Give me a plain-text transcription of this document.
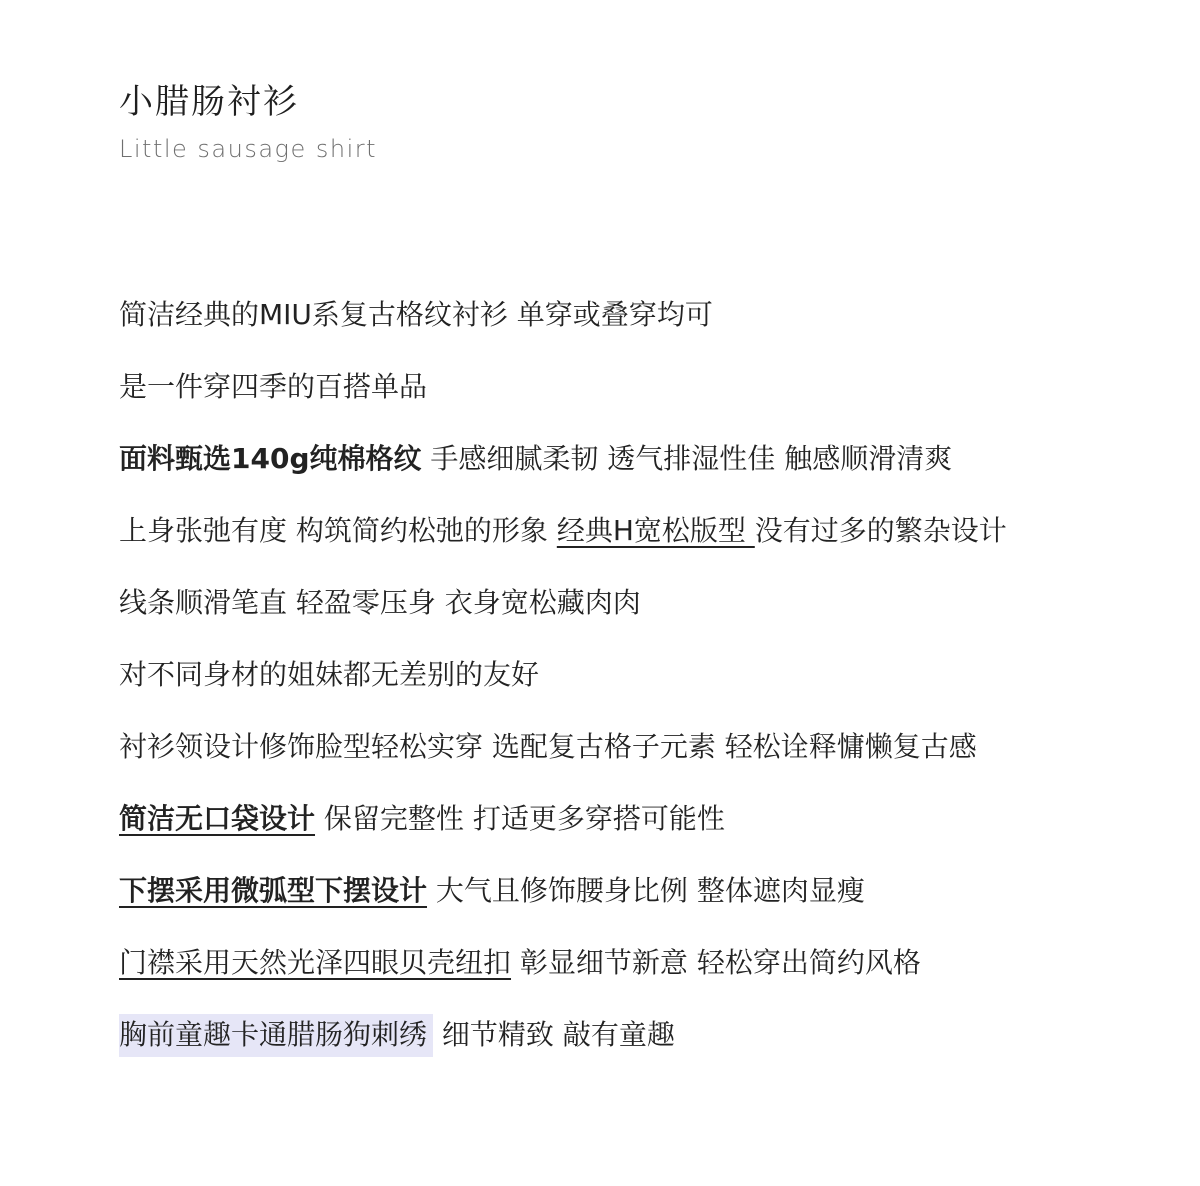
小腊肠衬衫
Little sausage shirt
简洁经典的MIU系复古格纹衬衫 单穿或叠穿均可
是一件穿四季的百搭单品
面料甄选140g纯棉格纹 手感细腻柔韧 透气排湿性佳 触感顺滑清爽
上身张弛有度 构筑简约松弛的形象 经典H宽松版型 没有过多的繁杂设计
线条顺滑笔直 轻盈零压身 衣身宽松藏肉肉
对不同身材的姐妹都无差别的友好
衬衫领设计修饰脸型轻松实穿 选配复古格子元素 轻松诠释慵懒复古感
简洁无口袋设计 保留完整性 打适更多穿搭可能性
下摆采用微弧型下摆设计 大气且修饰腰身比例 整体遮肉显瘦
门襟采用天然光泽四眼贝壳纽扣 彰显细节新意 轻松穿出简约风格
胸前童趣卡通腊肠狗刺绣 细节精致 敲有童趣
